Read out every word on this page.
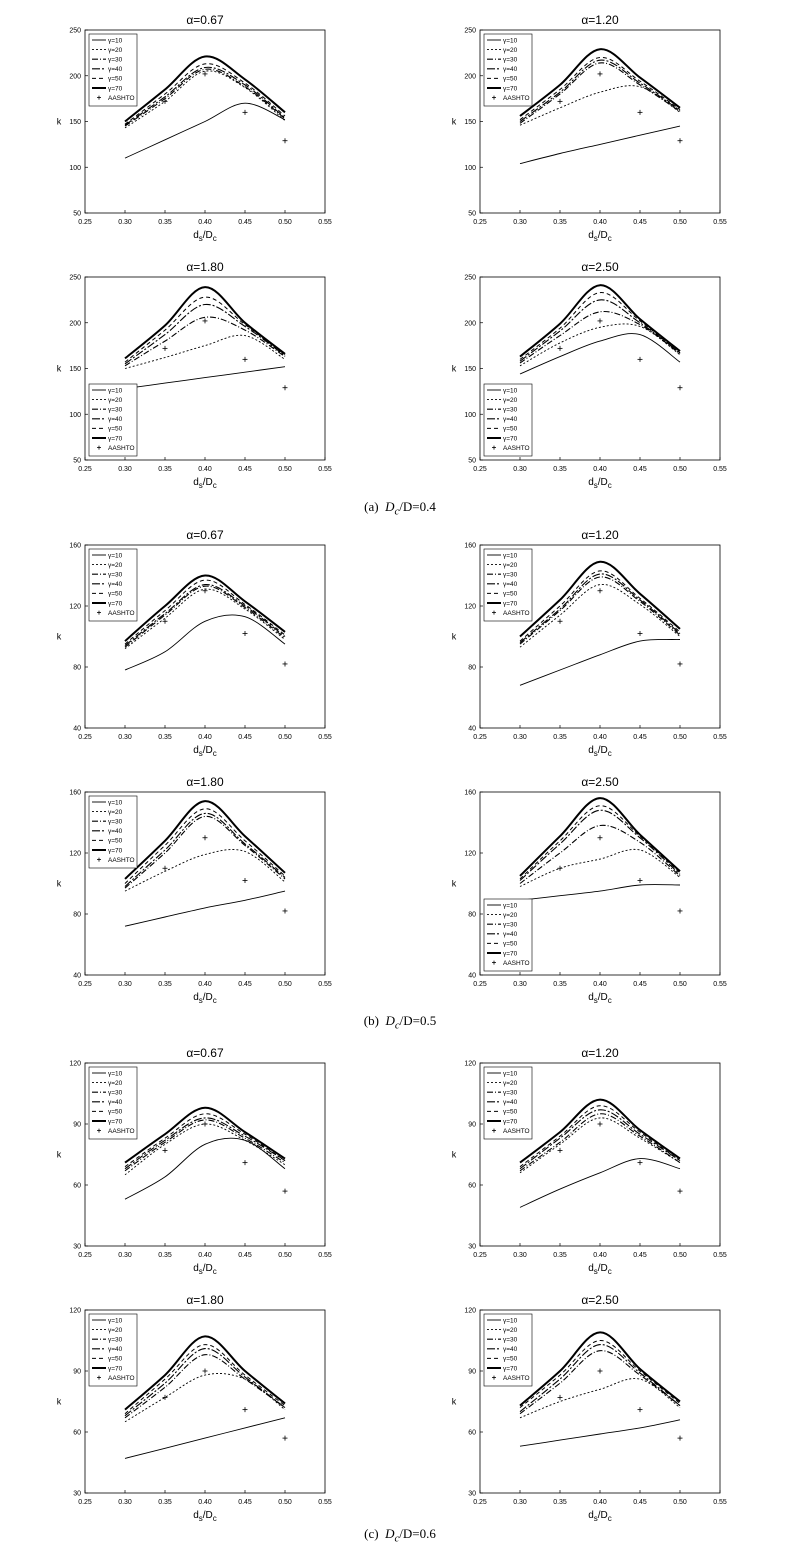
α=0.67
0.25	0.30	0.35	0.40	0.45	0.50	0.55
50
100
150
200
250
k
$d_s/D_c$
γ=10
γ=20
γ=30
γ=40
γ=50
γ=70
AASHTO
α=1.20
0.25	0.30	0.35	0.40	0.45	0.50	0.55
50
100
150
200
250
k
$d_s/D_c$
γ=10
γ=20
γ=30
γ=40
γ=50
γ=70
AASHTO
α=1.80
0.25	0.30	0.35	0.40	0.45	0.50	0.55
50
100
150
200
250
k
$d_s/D_c$
γ=10
γ=20
γ=30
γ=40
γ=50
γ=70
AASHTO
α=2.50
0.25	0.30	0.35	0.40	0.45	0.50	0.55
50
100
150
200
250
k
$d_s/D_c$
γ=10
γ=20
γ=30
γ=40
γ=50
γ=70
AASHTO
α=0.67
0.25	0.30	0.35	0.40	0.45	0.50	0.55
40
80
120
160
k
$d_s/D_c$
γ=10
γ=20
γ=30
γ=40
γ=50
γ=70
AASHTO
α=1.20
0.25	0.30	0.35	0.40	0.45	0.50	0.55
40
80
120
160
k
$d_s/D_c$
γ=10
γ=20
γ=30
γ=40
γ=50
γ=70
AASHTO
α=1.80
0.25	0.30	0.35	0.40	0.45	0.50	0.55
40
80
120
160
k
$d_s/D_c$
γ=10
γ=20
γ=30
γ=40
γ=50
γ=70
AASHTO
α=2.50
0.25	0.30	0.35	0.40	0.45	0.50	0.55
40
80
120
160
k
$d_s/D_c$
γ=10
γ=20
γ=30
γ=40
γ=50
γ=70
AASHTO
α=0.67
0.25	0.30	0.35	0.40	0.45	0.50	0.55
30
60
90
120
k
$d_s/D_c$
γ=10
γ=20
γ=30
γ=40
γ=50
γ=70
AASHTO
α=1.20
0.25	0.30	0.35	0.40	0.45	0.50	0.55
30
60
90
120
k
$d_s/D_c$
γ=10
γ=20
γ=30
γ=40
γ=50
γ=70
AASHTO
α=1.80
0.25	0.30	0.35	0.40	0.45	0.50	0.55
30
60
90
120
k
$d_s/D_c$
γ=10
γ=20
γ=30
γ=40
γ=50
γ=70
AASHTO
α=2.50
0.25	0.30	0.35	0.40	0.45	0.50	0.55
30
60
90
120
k
$d_s/D_c$
γ=10
γ=20
γ=30
γ=40
γ=50
γ=70
AASHTO
(a) $D_c/D=0.4$
(b) $D_c/D=0.5$
(c) $D_c/D=0.6$
